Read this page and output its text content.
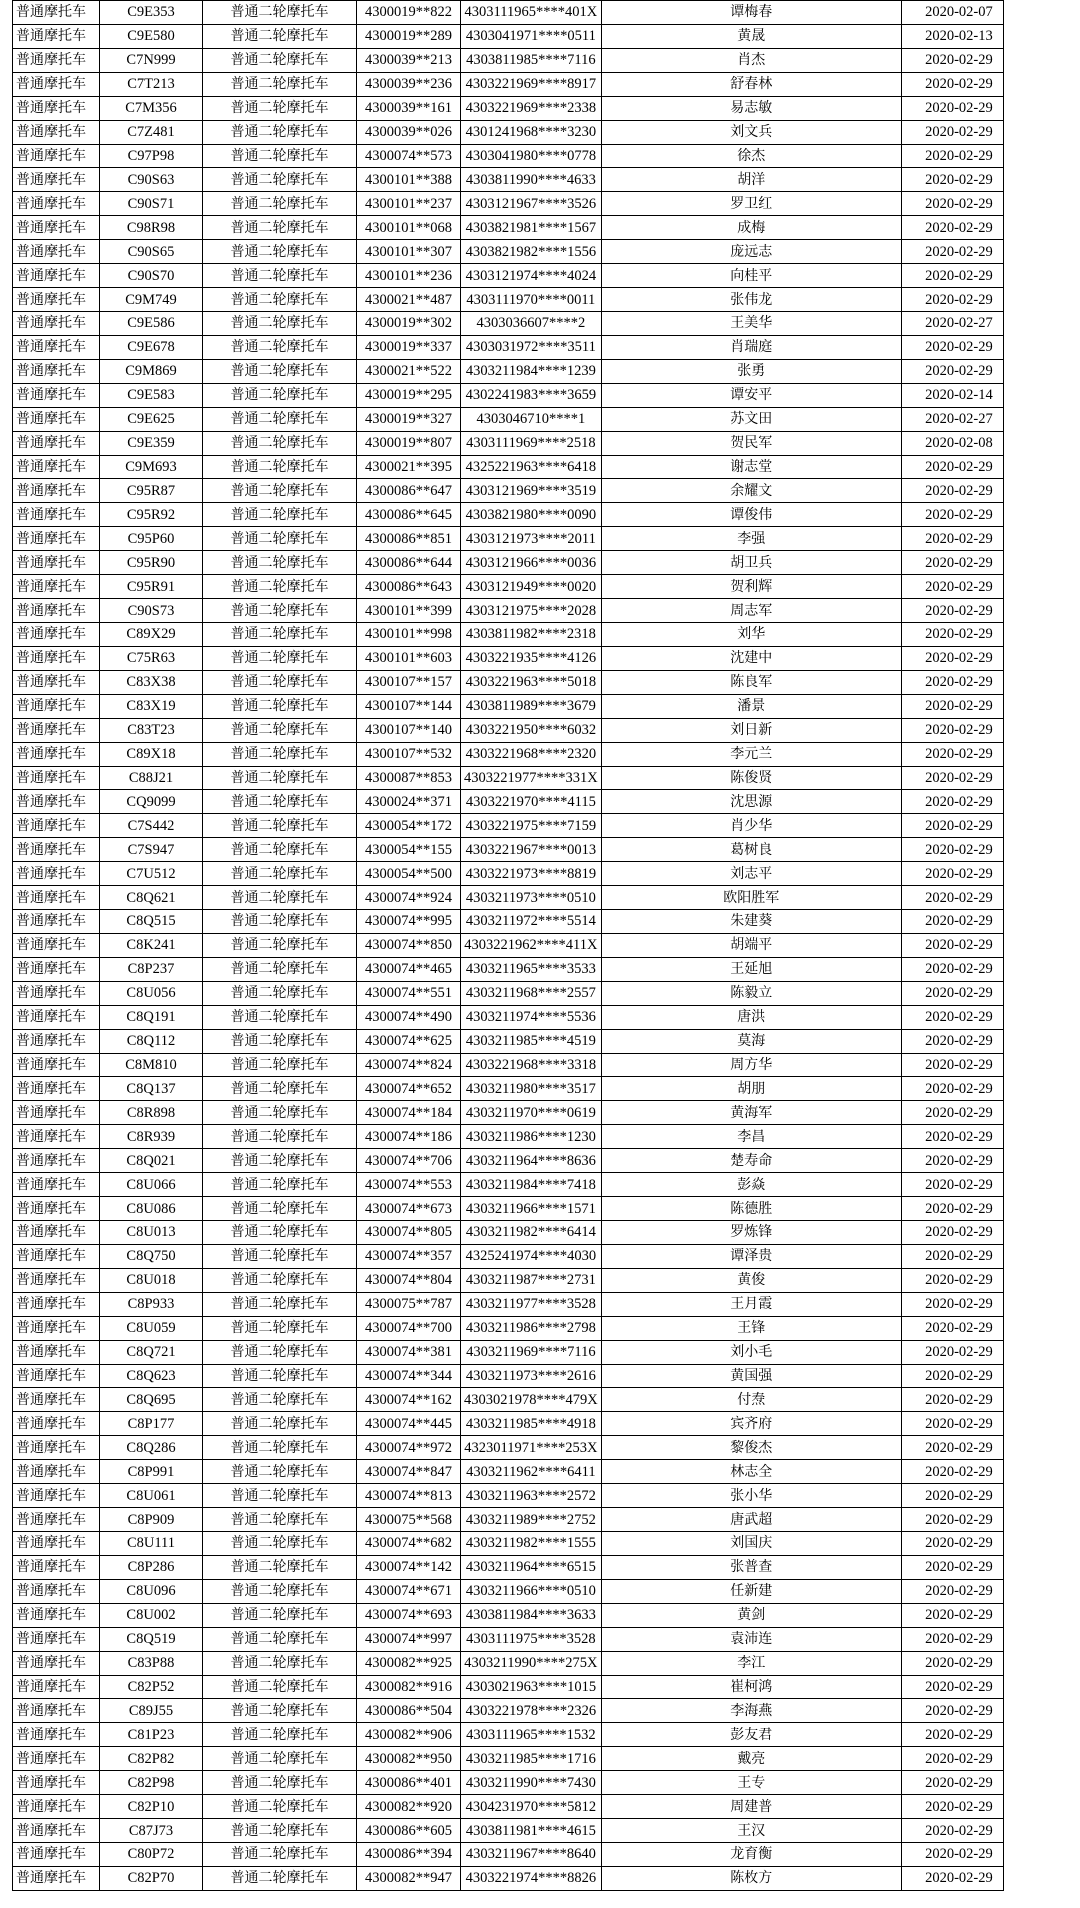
普通摩托车	C9E353	普通二轮摩托车	4300019**822	4303111965****401X	谭梅春	2020-02-07
普通摩托车	C9E580	普通二轮摩托车	4300019**289	4303041971****0511	黄晟	2020-02-13
普通摩托车	C7N999	普通二轮摩托车	4300039**213	4303811985****7116	肖杰	2020-02-29
普通摩托车	C7T213	普通二轮摩托车	4300039**236	4303221969****8917	舒春林	2020-02-29
普通摩托车	C7M356	普通二轮摩托车	4300039**161	4303221969****2338	易志敏	2020-02-29
普通摩托车	C7Z481	普通二轮摩托车	4300039**026	4301241968****3230	刘文兵	2020-02-29
普通摩托车	C97P98	普通二轮摩托车	4300074**573	4303041980****0778	徐杰	2020-02-29
普通摩托车	C90S63	普通二轮摩托车	4300101**388	4303811990****4633	胡洋	2020-02-29
普通摩托车	C90S71	普通二轮摩托车	4300101**237	4303121967****3526	罗卫红	2020-02-29
普通摩托车	C98R98	普通二轮摩托车	4300101**068	4303821981****1567	成梅	2020-02-29
普通摩托车	C90S65	普通二轮摩托车	4300101**307	4303821982****1556	庞远志	2020-02-29
普通摩托车	C90S70	普通二轮摩托车	4300101**236	4303121974****4024	向桂平	2020-02-29
普通摩托车	C9M749	普通二轮摩托车	4300021**487	4303111970****0011	张伟龙	2020-02-29
普通摩托车	C9E586	普通二轮摩托车	4300019**302	4303036607****2	王美华	2020-02-27
普通摩托车	C9E678	普通二轮摩托车	4300019**337	4303031972****3511	肖瑞庭	2020-02-29
普通摩托车	C9M869	普通二轮摩托车	4300021**522	4303211984****1239	张勇	2020-02-29
普通摩托车	C9E583	普通二轮摩托车	4300019**295	4302241983****3659	谭安平	2020-02-14
普通摩托车	C9E625	普通二轮摩托车	4300019**327	4303046710****1	苏文田	2020-02-27
普通摩托车	C9E359	普通二轮摩托车	4300019**807	4303111969****2518	贺民军	2020-02-08
普通摩托车	C9M693	普通二轮摩托车	4300021**395	4325221963****6418	谢志堂	2020-02-29
普通摩托车	C95R87	普通二轮摩托车	4300086**647	4303121969****3519	余耀文	2020-02-29
普通摩托车	C95R92	普通二轮摩托车	4300086**645	4303821980****0090	谭俊伟	2020-02-29
普通摩托车	C95P60	普通二轮摩托车	4300086**851	4303121973****2011	李强	2020-02-29
普通摩托车	C95R90	普通二轮摩托车	4300086**644	4303121966****0036	胡卫兵	2020-02-29
普通摩托车	C95R91	普通二轮摩托车	4300086**643	4303121949****0020	贺利辉	2020-02-29
普通摩托车	C90S73	普通二轮摩托车	4300101**399	4303121975****2028	周志军	2020-02-29
普通摩托车	C89X29	普通二轮摩托车	4300101**998	4303811982****2318	刘华	2020-02-29
普通摩托车	C75R63	普通二轮摩托车	4300101**603	4303221935****4126	沈建中	2020-02-29
普通摩托车	C83X38	普通二轮摩托车	4300107**157	4303221963****5018	陈良军	2020-02-29
普通摩托车	C83X19	普通二轮摩托车	4300107**144	4303811989****3679	潘景	2020-02-29
普通摩托车	C83T23	普通二轮摩托车	4300107**140	4303221950****6032	刘日新	2020-02-29
普通摩托车	C89X18	普通二轮摩托车	4300107**532	4303221968****2320	李元兰	2020-02-29
普通摩托车	C88J21	普通二轮摩托车	4300087**853	4303221977****331X	陈俊贤	2020-02-29
普通摩托车	CQ9099	普通二轮摩托车	4300024**371	4303221970****4115	沈思源	2020-02-29
普通摩托车	C7S442	普通二轮摩托车	4300054**172	4303221975****7159	肖少华	2020-02-29
普通摩托车	C7S947	普通二轮摩托车	4300054**155	4303221967****0013	葛树良	2020-02-29
普通摩托车	C7U512	普通二轮摩托车	4300054**500	4303221973****8819	刘志平	2020-02-29
普通摩托车	C8Q621	普通二轮摩托车	4300074**924	4303211973****0510	欧阳胜军	2020-02-29
普通摩托车	C8Q515	普通二轮摩托车	4300074**995	4303211972****5514	朱建葵	2020-02-29
普通摩托车	C8K241	普通二轮摩托车	4300074**850	4303221962****411X	胡端平	2020-02-29
普通摩托车	C8P237	普通二轮摩托车	4300074**465	4303211965****3533	王延旭	2020-02-29
普通摩托车	C8U056	普通二轮摩托车	4300074**551	4303211968****2557	陈毅立	2020-02-29
普通摩托车	C8Q191	普通二轮摩托车	4300074**490	4303211974****5536	唐洪	2020-02-29
普通摩托车	C8Q112	普通二轮摩托车	4300074**625	4303211985****4519	莫海	2020-02-29
普通摩托车	C8M810	普通二轮摩托车	4300074**824	4303221968****3318	周方华	2020-02-29
普通摩托车	C8Q137	普通二轮摩托车	4300074**652	4303211980****3517	胡朋	2020-02-29
普通摩托车	C8R898	普通二轮摩托车	4300074**184	4303211970****0619	黄海军	2020-02-29
普通摩托车	C8R939	普通二轮摩托车	4300074**186	4303211986****1230	李昌	2020-02-29
普通摩托车	C8Q021	普通二轮摩托车	4300074**706	4303211964****8636	楚寿命	2020-02-29
普通摩托车	C8U066	普通二轮摩托车	4300074**553	4303211984****7418	彭焱	2020-02-29
普通摩托车	C8U086	普通二轮摩托车	4300074**673	4303211966****1571	陈德胜	2020-02-29
普通摩托车	C8U013	普通二轮摩托车	4300074**805	4303211982****6414	罗炼锋	2020-02-29
普通摩托车	C8Q750	普通二轮摩托车	4300074**357	4325241974****4030	谭泽贵	2020-02-29
普通摩托车	C8U018	普通二轮摩托车	4300074**804	4303211987****2731	黄俊	2020-02-29
普通摩托车	C8P933	普通二轮摩托车	4300075**787	4303211977****3528	王月霞	2020-02-29
普通摩托车	C8U059	普通二轮摩托车	4300074**700	4303211986****2798	王锋	2020-02-29
普通摩托车	C8Q721	普通二轮摩托车	4300074**381	4303211969****7116	刘小毛	2020-02-29
普通摩托车	C8Q623	普通二轮摩托车	4300074**344	4303211973****2616	黄国强	2020-02-29
普通摩托车	C8Q695	普通二轮摩托车	4300074**162	4303021978****479X	付焘	2020-02-29
普通摩托车	C8P177	普通二轮摩托车	4300074**445	4303211985****4918	宾齐府	2020-02-29
普通摩托车	C8Q286	普通二轮摩托车	4300074**972	4323011971****253X	黎俊杰	2020-02-29
普通摩托车	C8P991	普通二轮摩托车	4300074**847	4303211962****6411	林志全	2020-02-29
普通摩托车	C8U061	普通二轮摩托车	4300074**813	4303211963****2572	张小华	2020-02-29
普通摩托车	C8P909	普通二轮摩托车	4300075**568	4303211989****2752	唐武超	2020-02-29
普通摩托车	C8U111	普通二轮摩托车	4300074**682	4303211982****1555	刘国庆	2020-02-29
普通摩托车	C8P286	普通二轮摩托车	4300074**142	4303211964****6515	张普查	2020-02-29
普通摩托车	C8U096	普通二轮摩托车	4300074**671	4303211966****0510	任新建	2020-02-29
普通摩托车	C8U002	普通二轮摩托车	4300074**693	4303811984****3633	黄剑	2020-02-29
普通摩托车	C8Q519	普通二轮摩托车	4300074**997	4303111975****3528	袁沛连	2020-02-29
普通摩托车	C83P88	普通二轮摩托车	4300082**925	4303211990****275X	李江	2020-02-29
普通摩托车	C82P52	普通二轮摩托车	4300082**916	4303021963****1015	崔柯鸿	2020-02-29
普通摩托车	C89J55	普通二轮摩托车	4300086**504	4303221978****2326	李海燕	2020-02-29
普通摩托车	C81P23	普通二轮摩托车	4300082**906	4303111965****1532	彭友君	2020-02-29
普通摩托车	C82P82	普通二轮摩托车	4300082**950	4303211985****1716	戴亮	2020-02-29
普通摩托车	C82P98	普通二轮摩托车	4300086**401	4303211990****7430	王专	2020-02-29
普通摩托车	C82P10	普通二轮摩托车	4300082**920	4304231970****5812	周建普	2020-02-29
普通摩托车	C87J73	普通二轮摩托车	4300086**605	4303811981****4615	王汉	2020-02-29
普通摩托车	C80P72	普通二轮摩托车	4300086**394	4303211967****8640	龙育衡	2020-02-29
普通摩托车	C82P70	普通二轮摩托车	4300082**947	4303221974****8826	陈枚方	2020-02-29
